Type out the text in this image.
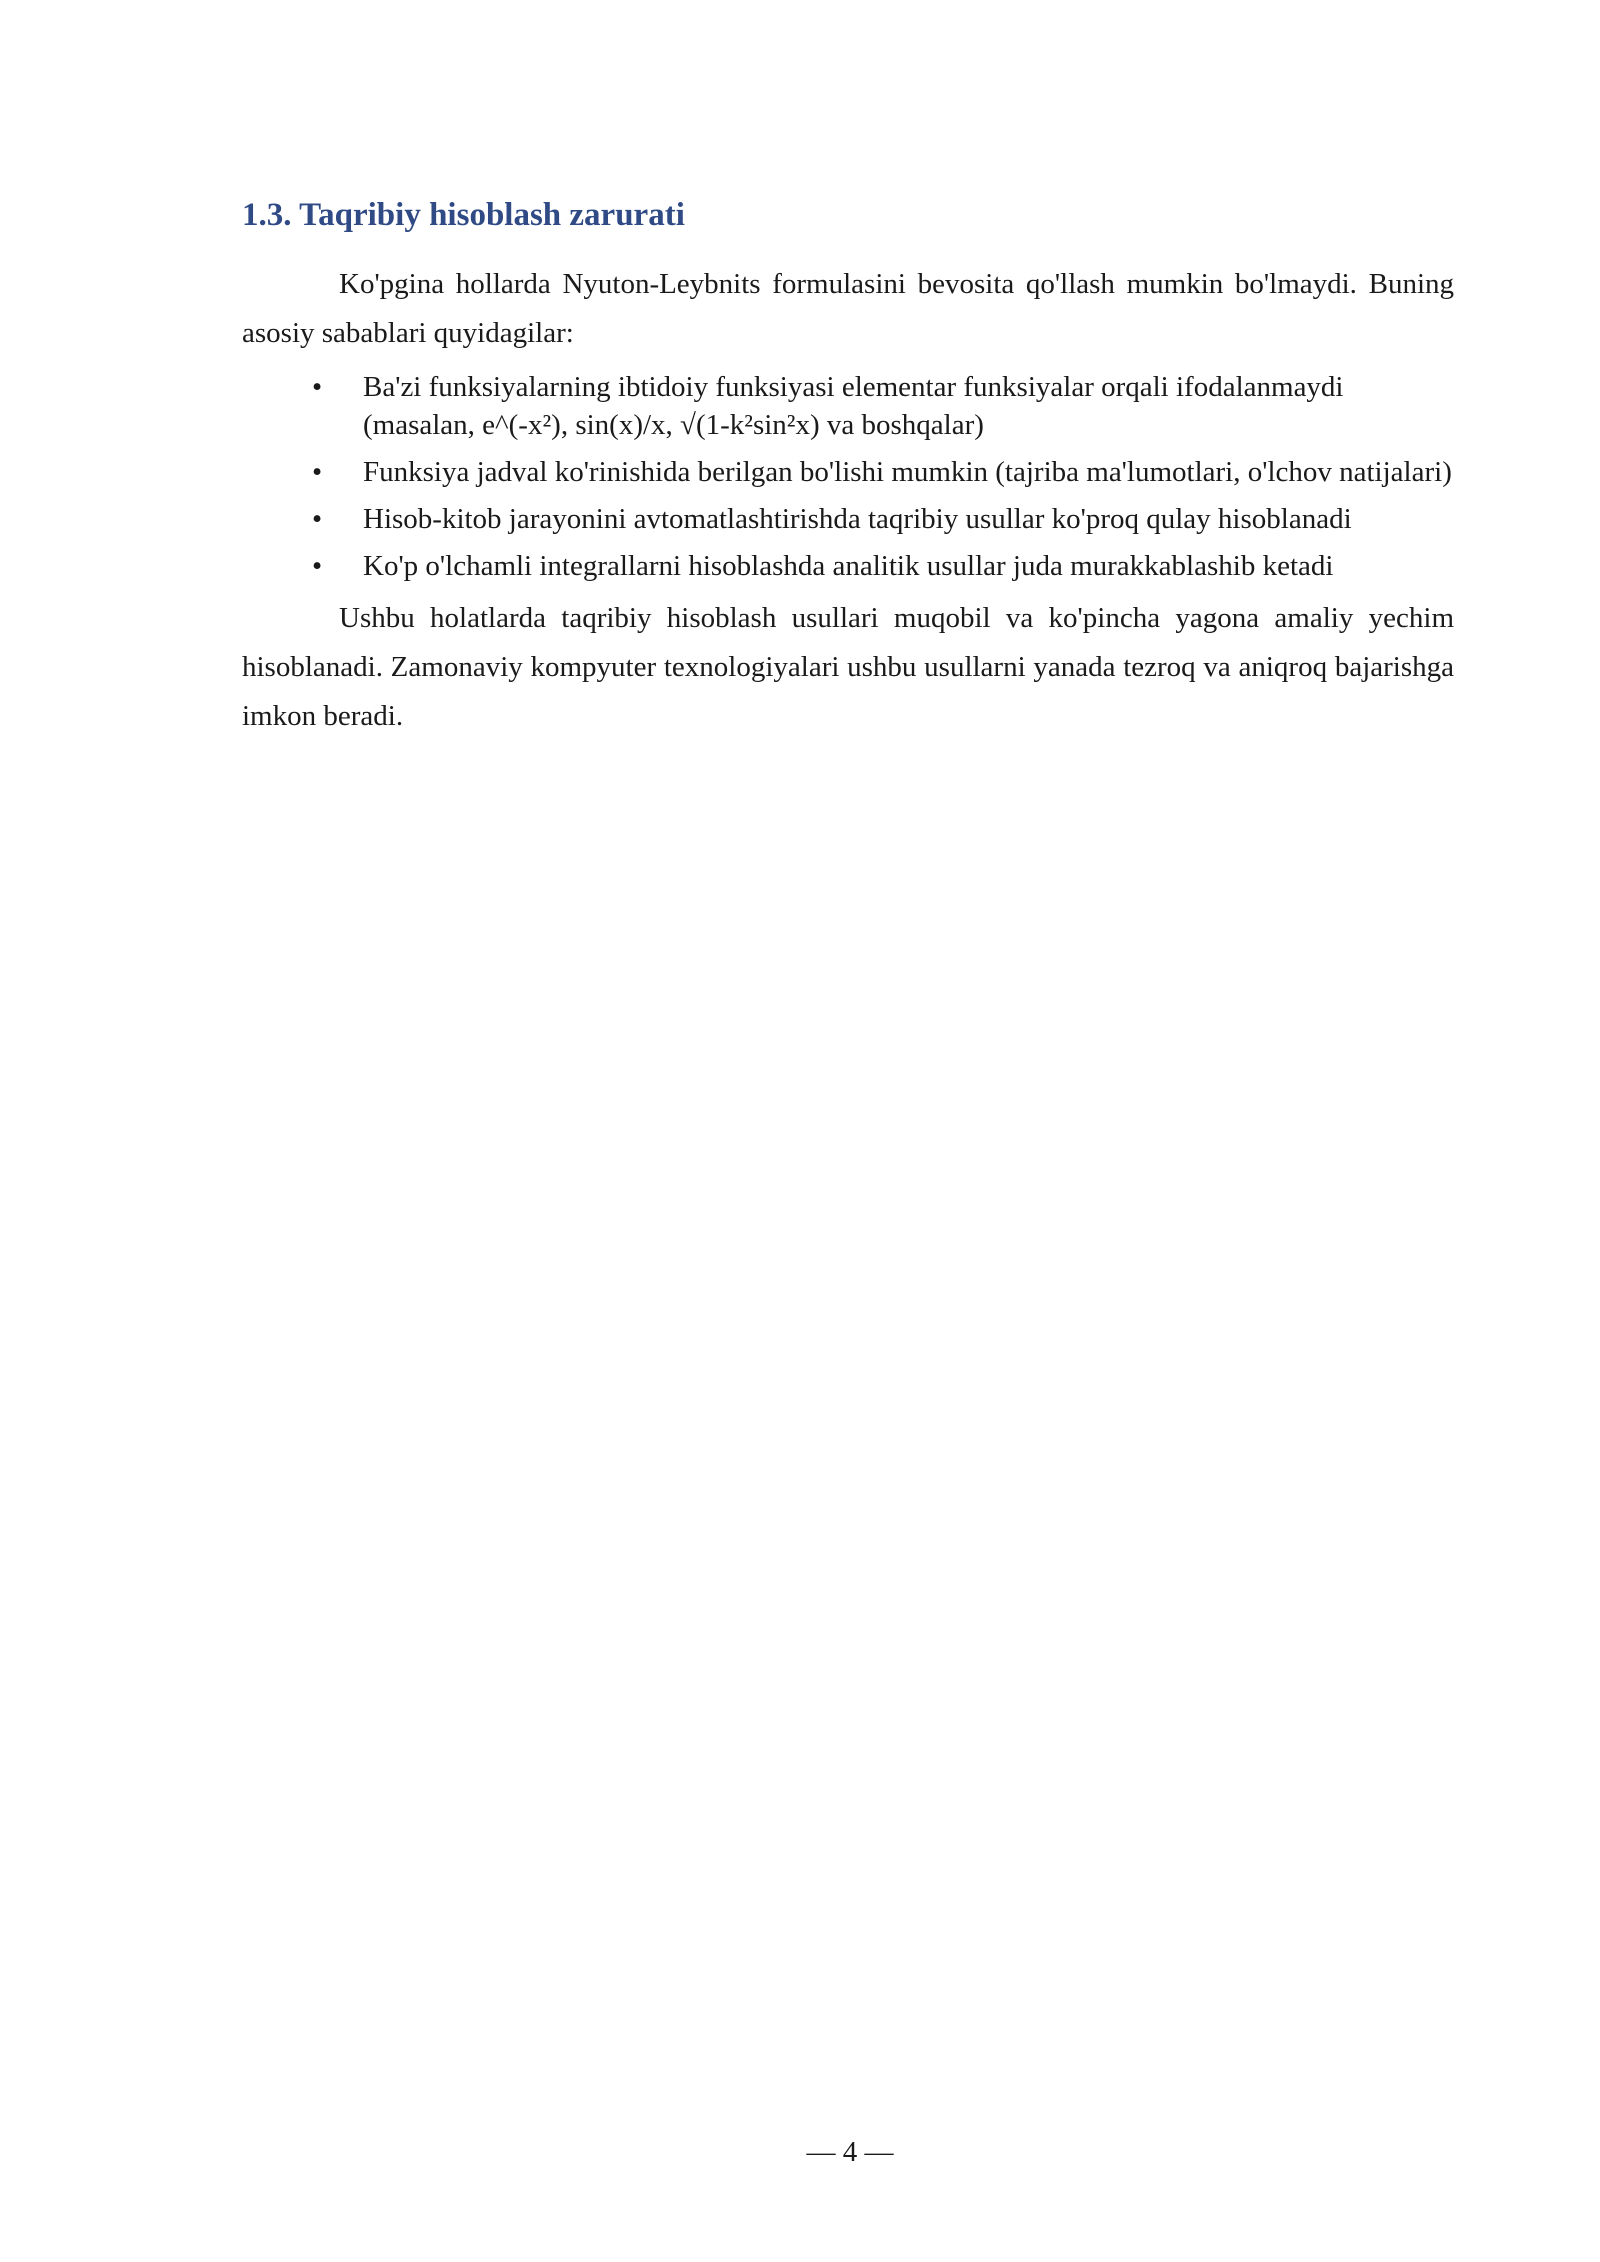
1.3. Taqribiy hisoblash zarurati

Ko'pgina hollarda Nyuton-Leybnits formulasini bevosita qo'llash mumkin bo'lmaydi. Buning asosiy sabablari quyidagilar:

• Ba'zi funksiyalarning ibtidoiy funksiyasi elementar funksiyalar orqali ifodalanmaydi (masalan, e^(-x²), sin(x)/x, √(1-k²sin²x) va boshqalar)
• Funksiya jadval ko'rinishida berilgan bo'lishi mumkin (tajriba ma'lumotlari, o'lchov natijalari)
• Hisob-kitob jarayonini avtomatlashtirishda taqribiy usullar ko'proq qulay hisoblanadi
• Ko'p o'lchamli integrallarni hisoblashda analitik usullar juda murakkablashib ketadi

Ushbu holatlarda taqribiy hisoblash usullari muqobil va ko'pincha yagona amaliy yechim hisoblanadi. Zamonaviy kompyuter texnologiyalari ushbu usullarni yanada tezroq va aniqroq bajarishga imkon beradi.

— 4 —
